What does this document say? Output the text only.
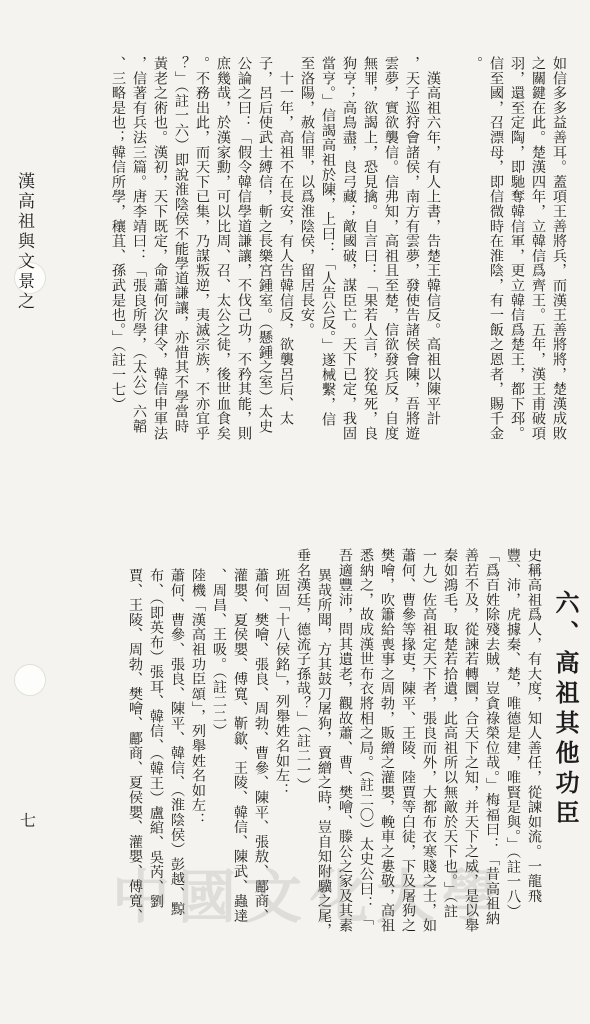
漢高祖與文景之
七
如信多多益善耳。蓋項王善將兵，而漢王善將將，楚漢成敗
之關鍵在此。楚漢四年，立韓信爲齊王。五年，漢王甫破項
羽，還至定陶，即馳奪韓信軍，更立韓信爲楚王，都下邳。
信至國，召漂母，即信微時在淮陰，有一飯之恩者，賜千金
。
　漢高祖六年，有人上書，告楚王韓信反。高祖以陳平計
，天子巡狩會諸侯，南方有雲夢，發使告諸侯會陳，吾將遊
雲夢，實欲襲信。信弗知，高祖且至楚，信欲發兵反，自度
無罪，欲謁上，恐見擒。自言曰：「果若人言，狡兔死，良
狗亨；高鳥盡，良弓藏；敵國破，謀臣亡。天下已定，我固
當亨。」信謁高祖於陳，上曰：「人告公反。」遂械繫，信
至洛陽，赦信罪，以爲淮陰侯，留居長安。
　十一年，高祖不在長安，有人告韓信反，欲襲呂后、太
子，呂后使武士縛信，斬之長樂宮鍾室。（懸鍾之室）太史
公論之曰：「假令韓信學道謙讓，不伐己功，不矜其能，則
庶幾哉，於漢家勳，可以比周、召、太公之徒，後世血食矣
。不務出此，而天下已集，乃謀叛逆，夷滅宗族，不亦宜乎
？」（註一六）即說淮陰侯不能學道謙讓，亦惜其不學當時
黃老之術也。漢初，天下既定，命蕭何次律令，韓信申軍法
，信著有兵法三篇。唐李靖曰：「張良所學，（太公）六韜
、三略是也；韓信所學，穰苴、孫武是也。」（註一七）
六、高祖其他功臣
史稱高祖爲人，有大度，知人善任，從諫如流。一龍飛
豐、沛，虎據秦、楚，唯德是建，唯賢是與。」（註一八）
「爲百姓除殘去賊，豈貪祿榮位哉。」梅福曰：「昔高祖納
善若不及，從諫若轉圜，合天下之知，并天下之威，是以舉
秦如鴻毛，取楚若拾遺，此高祖所以無敵於天下也。」（註
一九）佐高祖定天下者，張良而外，大都布衣寒賤之士，如
蕭何、曹參等掾吏，陳平、王陵、陸賈等白徒，下及屠狗之
樊噲，吹簫給喪事之周勃，販繒之灌嬰，輓車之婁敬，高祖
悉納之，故成漢世布衣將相之局。（註二〇）太史公曰：「
吾適豐沛，問其遺老，觀故蕭、曹、樊噲、滕公之家及其素
異哉所聞，方其鼓刀屠狗，賣繒之時，豈自知附驥之尾，
垂名漢廷，德流子孫哉？」（註二一）
班固「十八侯銘」，列舉姓名如左：
蕭何、樊噲、張良、周勃、曹參、陳平、張敖、酈商、
灌嬰、夏侯嬰、傅寬、靳歙、王陵、韓信、陳武、蟲達
、周昌、王吸。（註二二）
陸機「漢高祖功臣頌」，列舉姓名如左：
蕭何、曹參、張良、陳平、韓信、（淮陰侯）彭越、黥
布、（即英布）張耳、韓信、（韓王）盧綰、吳芮、劉
賈、王陵、周勃、樊噲、酈商、夏侯嬰、灌嬰、傅寬、
中國文化大學
